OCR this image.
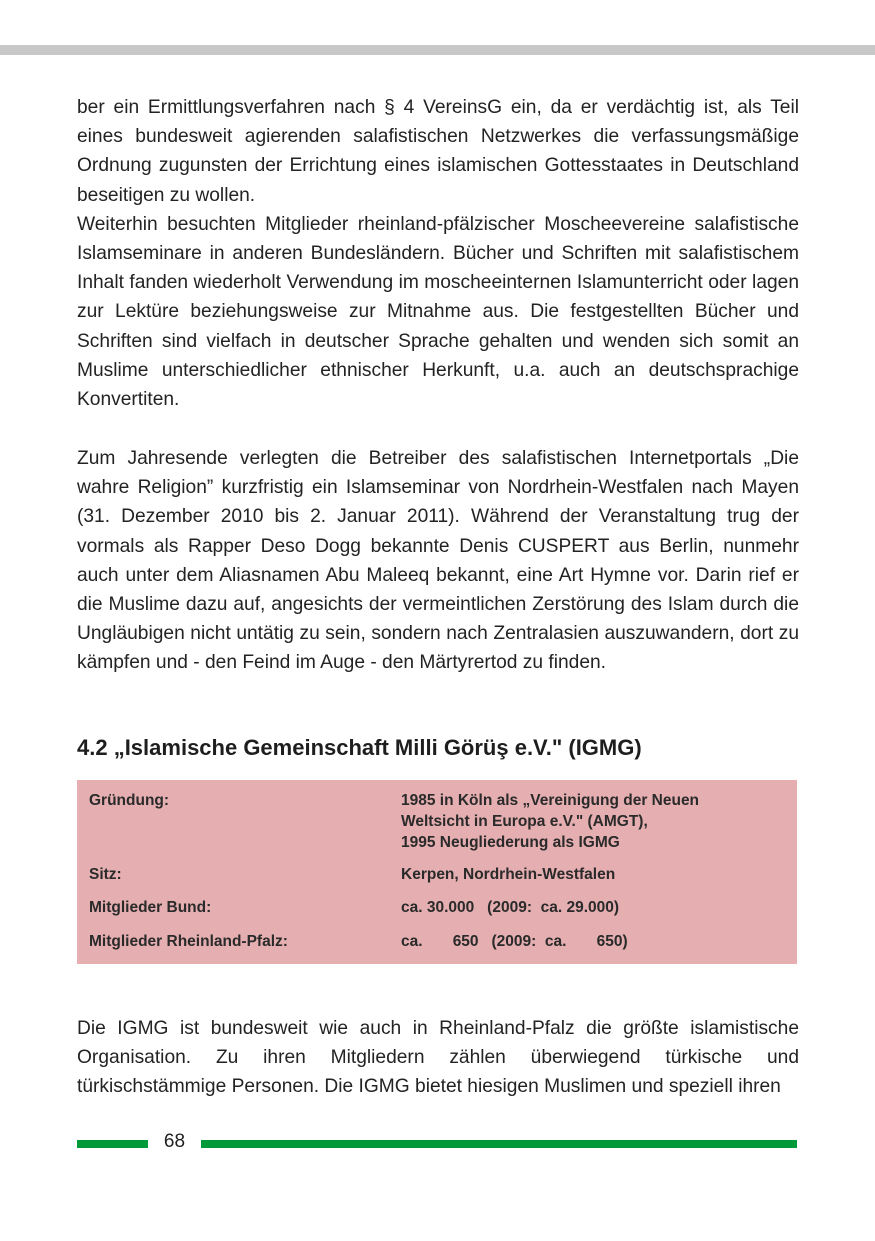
ber ein Ermittlungsverfahren nach § 4 VereinsG ein, da er verdächtig ist, als Teil eines bundesweit agierenden salafistischen Netzwerkes die verfassungsmäßige Ordnung zugunsten der Errichtung eines islamischen Gottesstaates in Deutschland beseitigen zu wollen.

Weiterhin besuchten Mitglieder rheinland-pfälzischer Moscheevereine salafistische Islamseminare in anderen Bundesländern. Bücher und Schriften mit salafistischem Inhalt fanden wiederholt Verwendung im moscheeinternen Islamunterricht oder lagen zur Lektüre beziehungsweise zur Mitnahme aus. Die festgestellten Bücher und Schriften sind vielfach in deutscher Sprache gehalten und wenden sich somit an Muslime unterschiedlicher ethnischer Herkunft, u.a. auch an deutschsprachige Konvertiten.

Zum Jahresende verlegten die Betreiber des salafistischen Internetportals „Die wahre Religion” kurzfristig ein Islamseminar von Nordrhein-Westfalen nach Mayen (31. Dezember 2010 bis 2. Januar 2011). Während der Veranstaltung trug der vormals als Rapper Deso Dogg bekannte Denis CUSPERT aus Berlin, nunmehr auch unter dem Aliasnamen Abu Maleeq bekannt, eine Art Hymne vor. Darin rief er die Muslime dazu auf, angesichts der vermeintlichen Zerstörung des Islam durch die Ungläubigen nicht untätig zu sein, sondern nach Zentralasien auszuwandern, dort zu kämpfen und - den Feind im Auge - den Märtyrertod zu finden.

4.2 „Islamische Gemeinschaft Milli Görüş e.V." (IGMG)
Gründung:	1985 in Köln als „Vereinigung der Neuen
Weltsicht in Europa e.V." (AMGT),
1995 Neugliederung als IGMG
Sitz:	Kerpen, Nordrhein-Westfalen
Mitglieder Bund:	ca. 30.000   (2009:  ca. 29.000)
Mitglieder Rheinland-Pfalz:	ca.       650   (2009:  ca.       650)

Die IGMG ist bundesweit wie auch in Rheinland-Pfalz die größte islamistische Organisation. Zu ihren Mitgliedern zählen überwiegend türkische und türkischstämmige Personen. Die IGMG bietet hiesigen Muslimen und speziell ihren

68
